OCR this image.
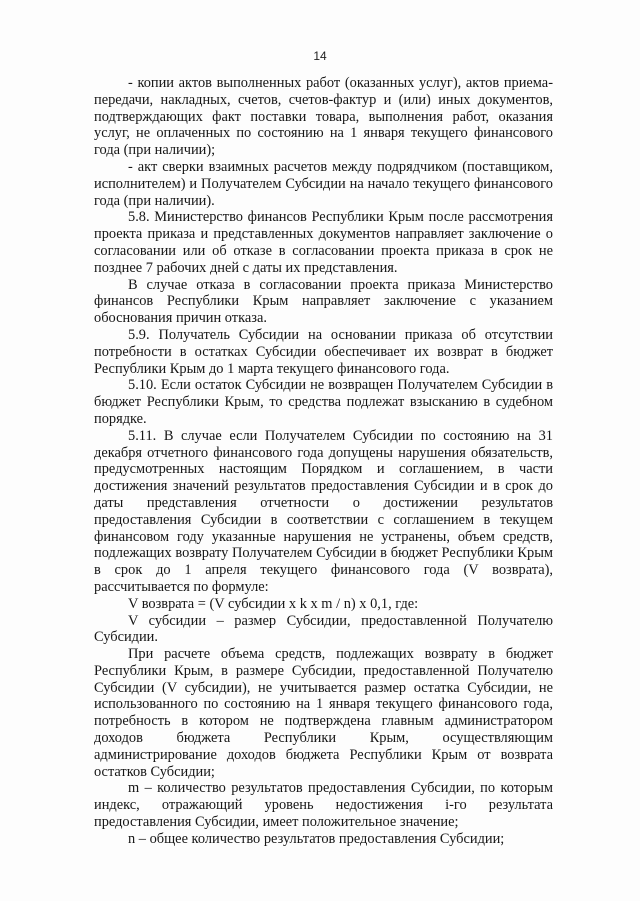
14

- копии актов выполненных работ (оказанных услуг), актов приема-передачи, накладных, счетов, счетов-фактур и (или) иных документов, подтверждающих факт поставки товара, выполнения работ, оказания услуг, не оплаченных по состоянию на 1 января текущего финансового года (при наличии);

- акт сверки взаимных расчетов между подрядчиком (поставщиком, исполнителем) и Получателем Субсидии на начало текущего финансового года (при наличии).

5.8. Министерство финансов Республики Крым после рассмотрения проекта приказа и представленных документов направляет заключение о согласовании или об отказе в согласовании проекта приказа в срок не позднее 7 рабочих дней с даты их представления.

В случае отказа в согласовании проекта приказа Министерство финансов Республики Крым направляет заключение с указанием обоснования причин отказа.

5.9. Получатель Субсидии на основании приказа об отсутствии потребности в остатках Субсидии обеспечивает их возврат в бюджет Республики Крым до 1 марта текущего финансового года.

5.10. Если остаток Субсидии не возвращен Получателем Субсидии в бюджет Республики Крым, то средства подлежат взысканию в судебном порядке.

5.11. В случае если Получателем Субсидии по состоянию на 31 декабря отчетного финансового года допущены нарушения обязательств, предусмотренных настоящим Порядком и соглашением, в части достижения значений результатов предоставления Субсидии и в срок до даты представления отчетности о достижении результатов предоставления Субсидии в соответствии с соглашением в текущем финансовом году указанные нарушения не устранены, объем средств, подлежащих возврату Получателем Субсидии в бюджет Республики Крым в срок до 1 апреля текущего финансового года (V возврата), рассчитывается по формуле:

V возврата = (V субсидии x k x m / n) x 0,1, где:

V субсидии – размер Субсидии, предоставленной Получателю Субсидии.

При расчете объема средств, подлежащих возврату в бюджет Республики Крым, в размере Субсидии, предоставленной Получателю Субсидии (V субсидии), не учитывается размер остатка Субсидии, не использованного по состоянию на 1 января текущего финансового года, потребность в котором не подтверждена главным администратором доходов бюджета Республики Крым, осуществляющим администрирование доходов бюджета Республики Крым от возврата остатков Субсидии;

m – количество результатов предоставления Субсидии, по которым индекс, отражающий уровень недостижения i-го результата предоставления Субсидии, имеет положительное значение;

n – общее количество результатов предоставления Субсидии;
